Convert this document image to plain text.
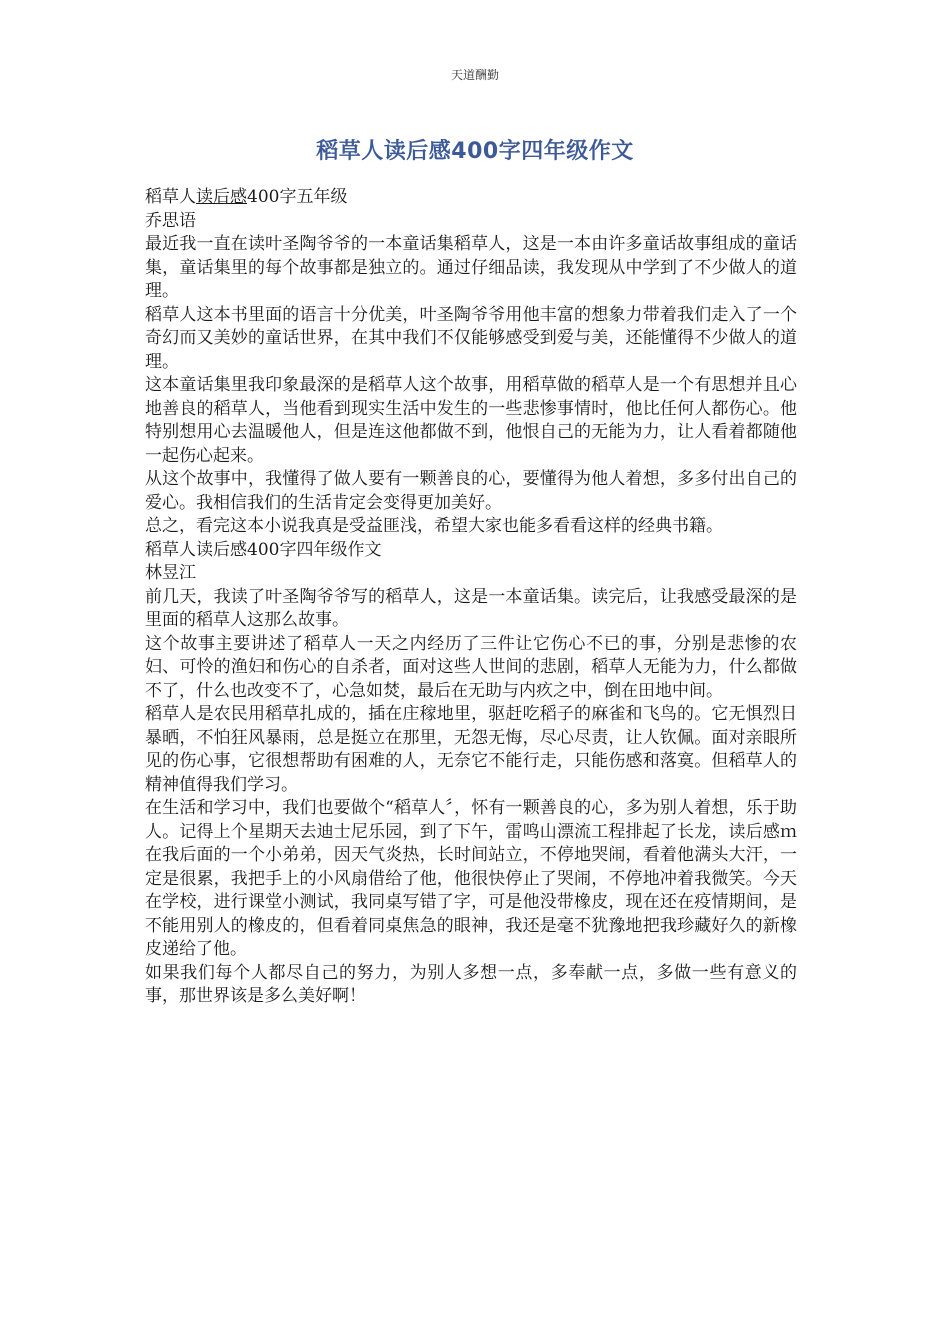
天道酬勤
稻草人读后感400字四年级作文

稻草人读后感400字五年级

乔思语

最近我一直在读叶圣陶爷爷的一本童话集稻草人，这是一本由许多童话故事组成的童话集，童话集里的每个故事都是独立的。通过仔细品读，我发现从中学到了不少做人的道理。

稻草人这本书里面的语言十分优美，叶圣陶爷爷用他丰富的想象力带着我们走入了一个奇幻而又美妙的童话世界，在其中我们不仅能够感受到爱与美，还能懂得不少做人的道理。

这本童话集里我印象最深的是稻草人这个故事，用稻草做的稻草人是一个有思想并且心地善良的稻草人，当他看到现实生活中发生的一些悲惨事情时，他比任何人都伤心。他特别想用心去温暖他人，但是连这他都做不到，他恨自己的无能为力，让人看着都随他一起伤心起来。

从这个故事中，我懂得了做人要有一颗善良的心，要懂得为他人着想，多多付出自己的爱心。我相信我们的生活肯定会变得更加美好。

总之，看完这本小说我真是受益匪浅，希望大家也能多看看这样的经典书籍。

稻草人读后感400字四年级作文

林昱江

前几天，我读了叶圣陶爷爷写的稻草人，这是一本童话集。读完后，让我感受最深的是里面的稻草人这那么故事。

这个故事主要讲述了稻草人一天之内经历了三件让它伤心不已的事，分别是悲惨的农妇、可怜的渔妇和伤心的自杀者，面对这些人世间的悲剧，稻草人无能为力，什么都做不了，什么也改变不了，心急如焚，最后在无助与内疚之中，倒在田地中间。

稻草人是农民用稻草扎成的，插在庄稼地里，驱赶吃稻子的麻雀和飞鸟的。它无惧烈日暴晒，不怕狂风暴雨，总是挺立在那里，无怨无悔，尽心尽责，让人钦佩。面对亲眼所见的伤心事，它很想帮助有困难的人，无奈它不能行走，只能伤感和落寞。但稻草人的精神值得我们学习。

在生活和学习中，我们也要做个“稻草人〞，怀有一颗善良的心，多为别人着想，乐于助人。记得上个星期天去迪士尼乐园，到了下午，雷鸣山漂流工程排起了长龙，读后感ｍ在我后面的一个小弟弟，因天气炎热，长时间站立，不停地哭闹，看着他满头大汗，一定是很累，我把手上的小风扇借给了他，他很快停止了哭闹，不停地冲着我微笑。今天在学校，进行课堂小测试，我同桌写错了字，可是他没带橡皮，现在还在疫情期间，是不能用别人的橡皮的，但看着同桌焦急的眼神，我还是毫不犹豫地把我珍藏好久的新橡皮递给了他。

如果我们每个人都尽自己的努力，为别人多想一点，多奉献一点，多做一些有意义的事，那世界该是多么美好啊！
